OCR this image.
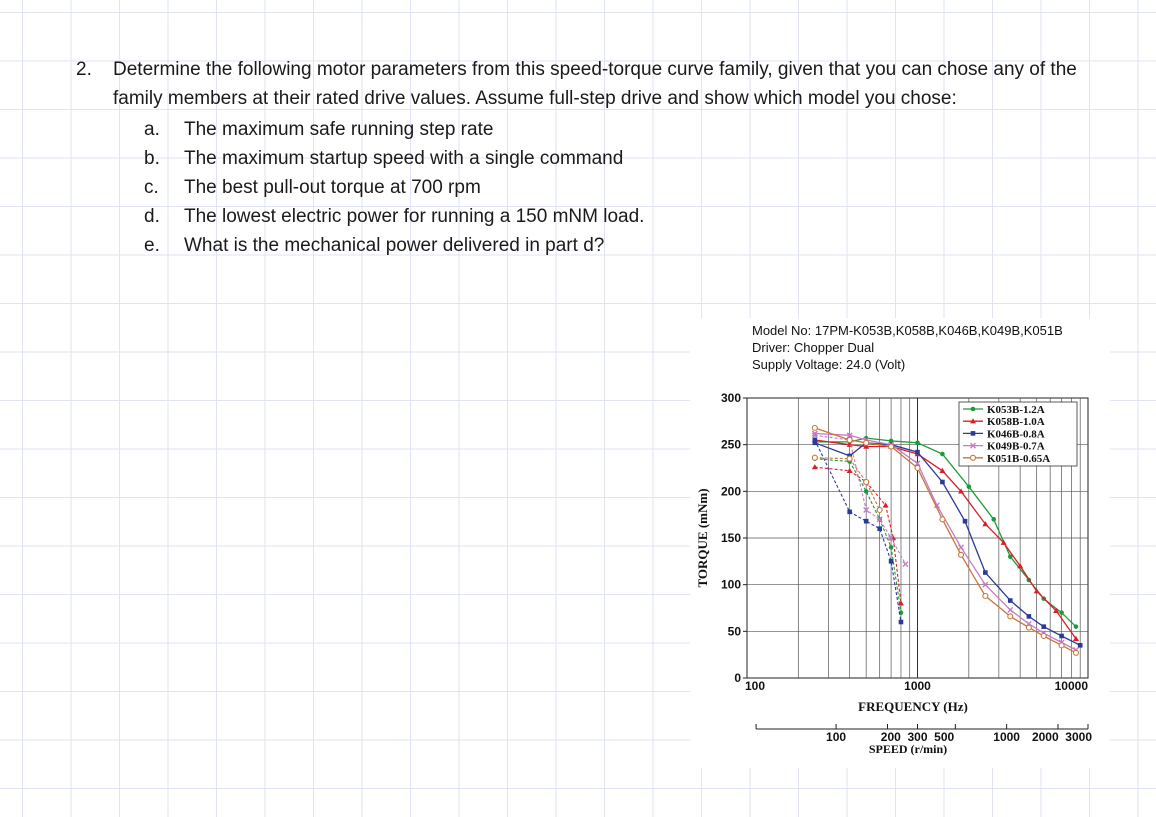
2.	Determine the following motor parameters from this speed-torque curve family, given that you can chose any of the family members at their rated drive values. Assume full-step drive and show which model you chose:
a.	The maximum safe running step rate
b.	The maximum startup speed with a single command
c.	The best pull-out torque at 700 rpm
d.	The lowest electric power for running a 150 mNM load.
e.	What is the mechanical power delivered in part d?
Model No: 17PM-K053B,K058B,K046B,K049B,K051B
Driver: Chopper Dual
Supply Voltage: 24.0 (Volt)
0
50
100
150
200
250
300
100	1000	10000
K053B-1.2A
K058B-1.0A
K046B-0.8A
K049B-0.7A
K051B-0.65A
TORQUE (mNm)
FREQUENCY (Hz)
100	200  300  500	1000 2000  3000
SPEED (r/min)
